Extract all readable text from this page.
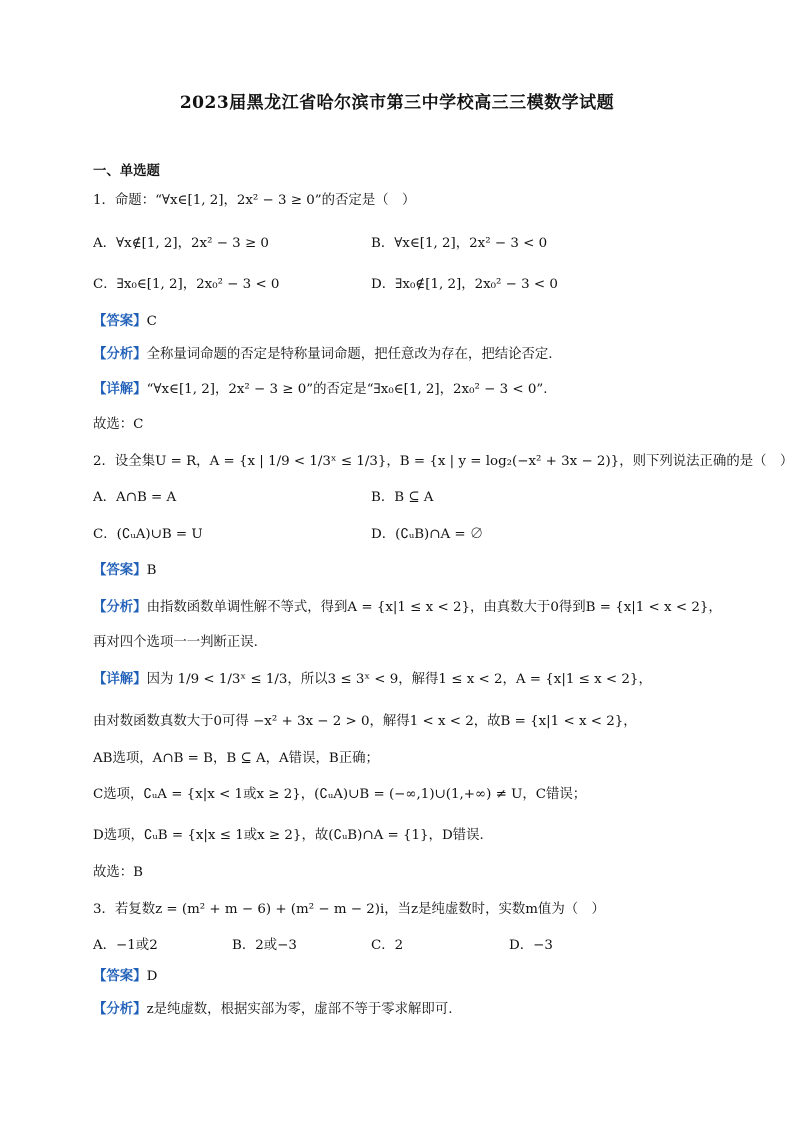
2023届黑龙江省哈尔滨市第三中学校高三三模数学试题
一、单选题
1．命题：“∀x∈[1, 2]，2x² − 3 ≥ 0”的否定是（　）
A．∀x∉[1, 2]，2x² − 3 ≥ 0	B．∀x∈[1, 2]，2x² − 3 < 0
C．∃x₀∈[1, 2]，2x₀² − 3 < 0	D．∃x₀∉[1, 2]，2x₀² − 3 < 0
【答案】C
【分析】全称量词命题的否定是特称量词命题，把任意改为存在，把结论否定.
【详解】“∀x∈[1, 2]，2x² − 3 ≥ 0”的否定是“∃x₀∈[1, 2]，2x₀² − 3 < 0”.
故选：C
2．设全集U = R，A = {x | 1/9 < 1/3ˣ ≤ 1/3}，B = {x | y = log₂(−x² + 3x − 2)}，则下列说法正确的是（　）
A．A∩B = A	B．B ⊆ A
C．(∁ᵤA)∪B = U	D．(∁ᵤB)∩A = ∅
【答案】B
【分析】由指数函数单调性解不等式，得到A = {x|1 ≤ x < 2}，由真数大于0得到B = {x|1 < x < 2}，
再对四个选项一一判断正误.
【详解】因为 1/9 < 1/3ˣ ≤ 1/3，所以3 ≤ 3ˣ < 9，解得1 ≤ x < 2，A = {x|1 ≤ x < 2}，
由对数函数真数大于0可得 −x² + 3x − 2 > 0，解得1 < x < 2，故B = {x|1 < x < 2}，
AB选项，A∩B = B，B ⊆ A，A错误，B正确；
C选项，∁ᵤA = {x|x < 1或x ≥ 2}，(∁ᵤA)∪B = (−∞,1)∪(1,+∞) ≠ U，C错误；
D选项，∁ᵤB = {x|x ≤ 1或x ≥ 2}，故(∁ᵤB)∩A = {1}，D错误.
故选：B
3．若复数z = (m² + m − 6) + (m² − m − 2)i，当z是纯虚数时，实数m值为（　）
A．−1或2	B．2或−3	C．2	D．−3
【答案】D
【分析】z是纯虚数，根据实部为零，虚部不等于零求解即可.
